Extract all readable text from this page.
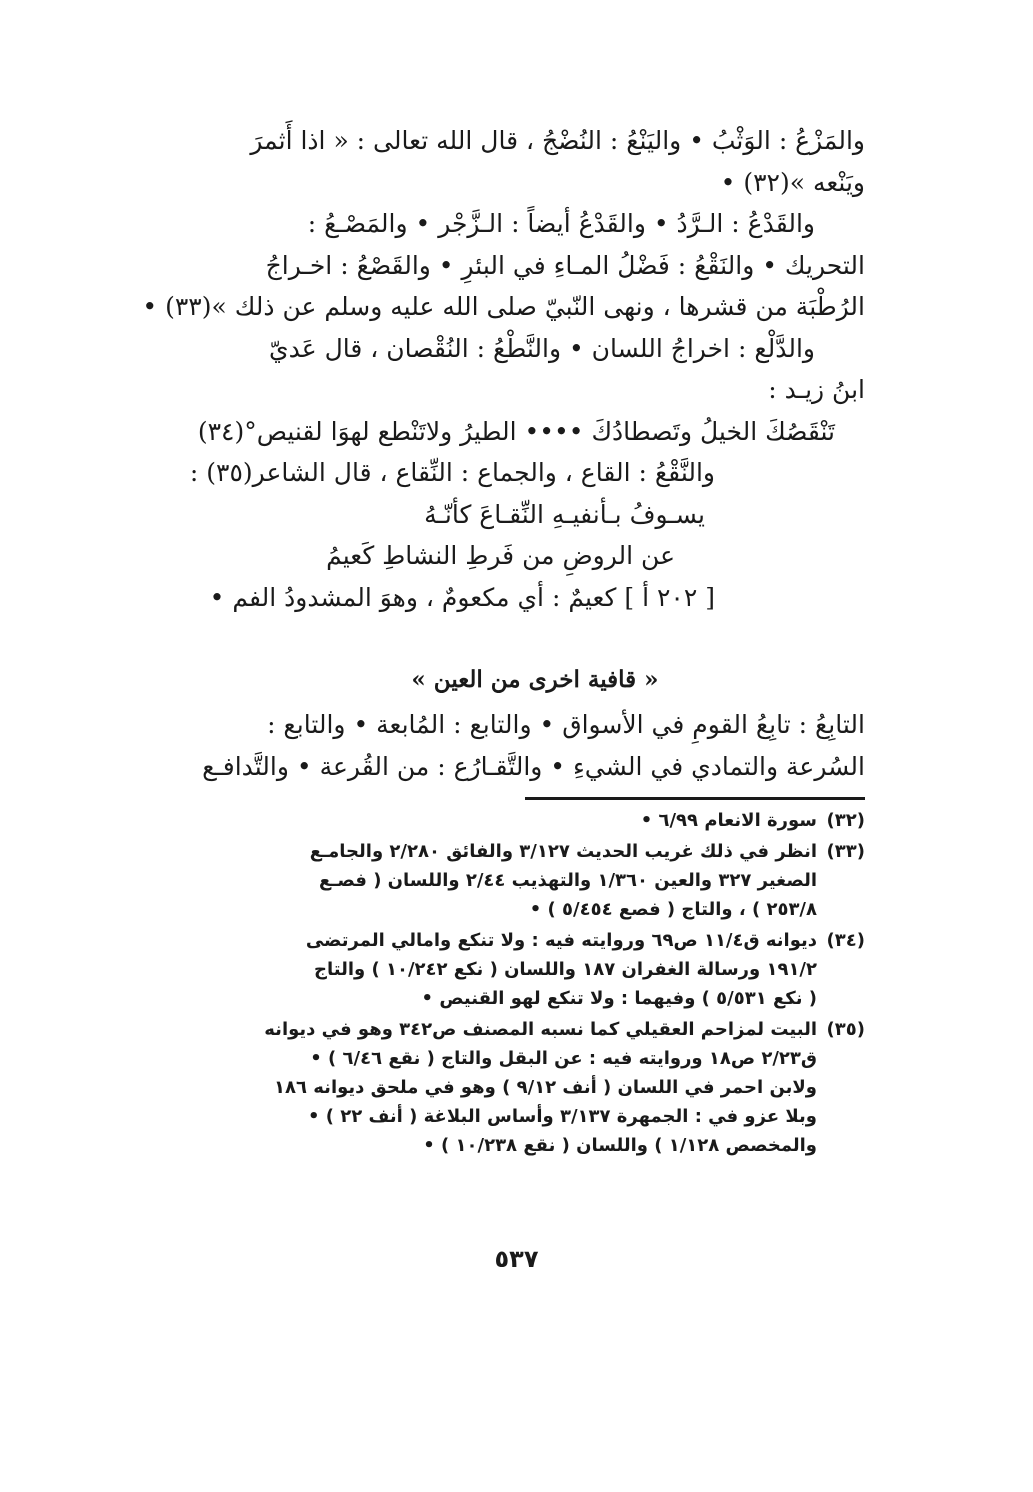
والمَزْعُ : الوَثْبُ • واليَنْعُ : النُضْجُ ، قال الله تعالى : « اذا أَثمرَ
ويَنْعه »(٣٢) •
والقَدْعُ : الـرَّدُ • والقَدْعُ أيضاً : الـزَّجْر • والمَصْـعُ :
التحريك • والنَقْعُ : فَضْلُ المـاءِ في البئرِ • والقَصْعُ : اخـراجُ
الرُطْبَة من قشرها ، ونهى النّبيّ صلى الله عليه وسلم عن ذلك »(٣٣) •
والدَّلْع : اخراجُ اللسان • والنَّطْعُ : النُقْصان ، قال عَديّ
ابنُ زيـد :
تَنْقَصُكَ الخيلُ وتَصطادُكَ •••• الطيرُ ولاتَنْطع لهوَا لقنيص°(٣٤)
والنَّقْعُ : القاع ، والجماع : النِّقاع ، قال الشاعر(٣٥) :
يسـوفُ بـأنفيـهِ النِّقـاعَ كأنّـهُ
عن الروضِ من فَرطِ النشاطِ كَعيمُ
[ ٢٠٢ أ ] كعيمٌ : أي مكعومٌ ، وهوَ المشدودُ الفم •
« قافية اخرى من العين »
التابِعُ : تابِعُ القومِ في الأسواق • والتابع : المُابعة • والتابع :
السُرعة والتمادي في الشيءِ • والتَّقـارُع : من القُرعة • والتَّدافـع
(٣٢)
سورة الانعام ٦/٩٩ •
(٣٣)
انظر في ذلك غريب الحديث ٣/١٢٧ والفائق ٢/٢٨٠ والجامـع
الصغير ٣٢٧ والعين ١/٣٦٠ والتهذيب ٢/٤٤ واللسان ( فصـع
٢٥٣/٨ ) ، والتاج ( فصع ٥/٤٥٤ ) •
(٣٤)
ديوانه ق١١/٤ ص٦٩ وروايته فيه : ولا تنكع وامالي المرتضى
١٩١/٢ ورسالة الغفران ١٨٧ واللسان ( نكع ١٠/٢٤٢ ) والتاج
( نكع ٥/٥٣١ ) وفيهما : ولا تنكع لهو القنيص •
(٣٥)
البيت لمزاحم العقيلي كما نسبه المصنف ص٣٤٢ وهو في ديوانه
ق٢/٢٣ ص١٨ وروايته فيه : عن البقل والتاج ( نقع ٦/٤٦ ) •
ولابن احمر في اللسان ( أنف ٩/١٢ ) وهو في ملحق ديوانه ١٨٦
وبلا عزو في : الجمهرة ٣/١٣٧ وأساس البلاغة ( أنف ٢٢ ) •
والمخصص ١/١٢٨ ) واللسان ( نقع ١٠/٢٣٨ ) •
٥٣٧
